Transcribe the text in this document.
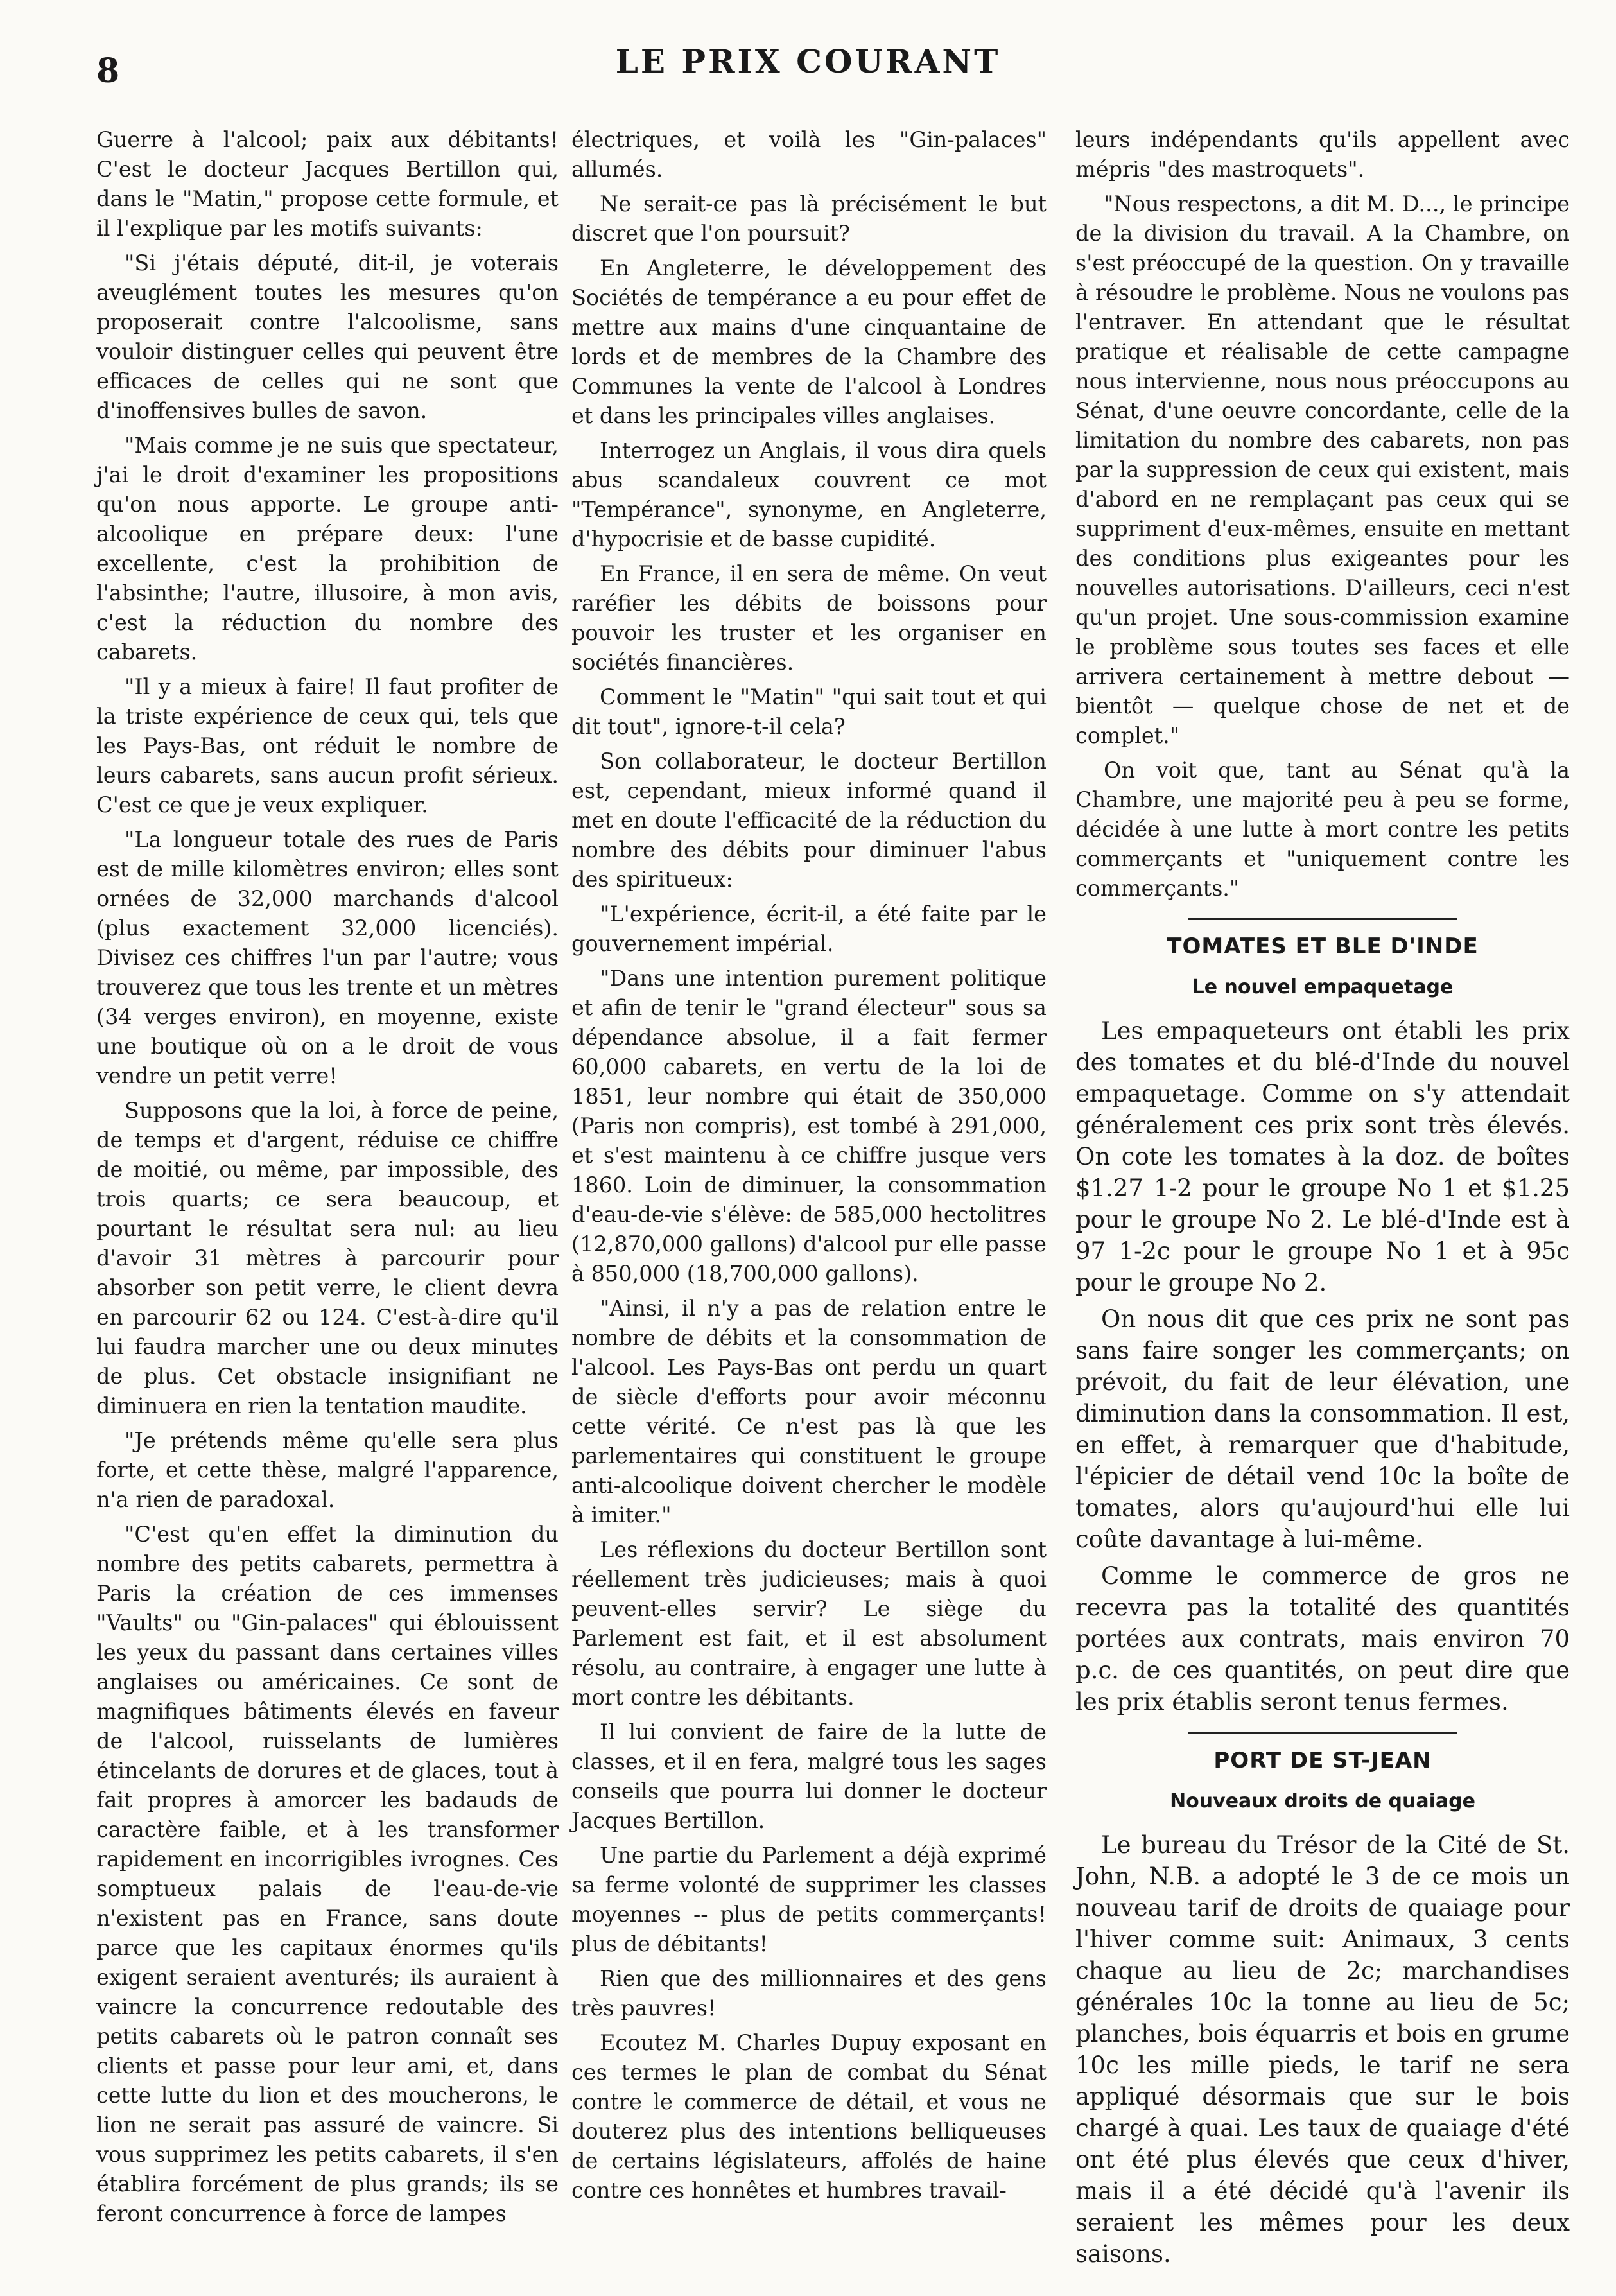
8	LE PRIX COURANT

Guerre à l'alcool; paix aux débitants! C'est le docteur Jacques Bertillon qui, dans le "Matin," propose cette formule, et il l'explique par les motifs suivants:

"Si j'étais député, dit-il, je voterais aveuglément toutes les mesures qu'on proposerait contre l'alcoolisme, sans vouloir distinguer celles qui peuvent être efficaces de celles qui ne sont que d'inoffensives bulles de savon.

"Mais comme je ne suis que spectateur, j'ai le droit d'examiner les propositions qu'on nous apporte. Le groupe anti-alcoolique en prépare deux: l'une excellente, c'est la prohibition de l'absinthe; l'autre, illusoire, à mon avis, c'est la réduction du nombre des cabarets.

"Il y a mieux à faire! Il faut profiter de la triste expérience de ceux qui, tels que les Pays-Bas, ont réduit le nombre de leurs cabarets, sans aucun profit sérieux. C'est ce que je veux expliquer.

"La longueur totale des rues de Paris est de mille kilomètres environ; elles sont ornées de 32,000 marchands d'alcool (plus exactement 32,000 licenciés). Divisez ces chiffres l'un par l'autre; vous trouverez que tous les trente et un mètres (34 verges environ), en moyenne, existe une boutique où on a le droit de vous vendre un petit verre!

Supposons que la loi, à force de peine, de temps et d'argent, réduise ce chiffre de moitié, ou même, par impossible, des trois quarts; ce sera beaucoup, et pourtant le résultat sera nul: au lieu d'avoir 31 mètres à parcourir pour absorber son petit verre, le client devra en parcourir 62 ou 124. C'est-à-dire qu'il lui faudra marcher une ou deux minutes de plus. Cet obstacle insignifiant ne diminuera en rien la tentation maudite.

"Je prétends même qu'elle sera plus forte, et cette thèse, malgré l'apparence, n'a rien de paradoxal.

"C'est qu'en effet la diminution du nombre des petits cabarets, permettra à Paris la création de ces immenses "Vaults" ou "Gin-palaces" qui éblouissent les yeux du passant dans certaines villes anglaises ou américaines. Ce sont de magnifiques bâtiments élevés en faveur de l'alcool, ruisselants de lumières étincelants de dorures et de glaces, tout à fait propres à amorcer les badauds de caractère faible, et à les transformer rapidement en incorrigibles ivrognes. Ces somptueux palais de l'eau-de-vie n'existent pas en France, sans doute parce que les capitaux énormes qu'ils exigent seraient aventurés; ils auraient à vaincre la concurrence redoutable des petits cabarets où le patron connaît ses clients et passe pour leur ami, et, dans cette lutte du lion et des moucherons, le lion ne serait pas assuré de vaincre. Si vous supprimez les petits cabarets, il s'en établira forcément de plus grands; ils se feront concurrence à force de lampes

électriques, et voilà les "Gin-palaces" allumés.

Ne serait-ce pas là précisément le but discret que l'on poursuit?

En Angleterre, le développement des Sociétés de tempérance a eu pour effet de mettre aux mains d'une cinquantaine de lords et de membres de la Chambre des Communes la vente de l'alcool à Londres et dans les principales villes anglaises.

Interrogez un Anglais, il vous dira quels abus scandaleux couvrent ce mot "Tempérance", synonyme, en Angleterre, d'hypocrisie et de basse cupidité.

En France, il en sera de même. On veut raréfier les débits de boissons pour pouvoir les truster et les organiser en sociétés financières.

Comment le "Matin" "qui sait tout et qui dit tout", ignore-t-il cela?

Son collaborateur, le docteur Bertillon est, cependant, mieux informé quand il met en doute l'efficacité de la réduction du nombre des débits pour diminuer l'abus des spiritueux:

"L'expérience, écrit-il, a été faite par le gouvernement impérial.

"Dans une intention purement politique et afin de tenir le "grand électeur" sous sa dépendance absolue, il a fait fermer 60,000 cabarets, en vertu de la loi de 1851, leur nombre qui était de 350,000 (Paris non compris), est tombé à 291,000, et s'est maintenu à ce chiffre jusque vers 1860. Loin de diminuer, la consommation d'eau-de-vie s'élève: de 585,000 hectolitres (12,870,000 gallons) d'alcool pur elle passe à 850,000 (18,700,000 gallons).

"Ainsi, il n'y a pas de relation entre le nombre de débits et la consommation de l'alcool. Les Pays-Bas ont perdu un quart de siècle d'efforts pour avoir méconnu cette vérité. Ce n'est pas là que les parlementaires qui constituent le groupe anti-alcoolique doivent chercher le modèle à imiter."

Les réflexions du docteur Bertillon sont réellement très judicieuses; mais à quoi peuvent-elles servir? Le siège du Parlement est fait, et il est absolument résolu, au contraire, à engager une lutte à mort contre les débitants.

Il lui convient de faire de la lutte de classes, et il en fera, malgré tous les sages conseils que pourra lui donner le docteur Jacques Bertillon.

Une partie du Parlement a déjà exprimé sa ferme volonté de supprimer les classes moyennes -- plus de petits commerçants! plus de débitants!

Rien que des millionnaires et des gens très pauvres!

Ecoutez M. Charles Dupuy exposant en ces termes le plan de combat du Sénat contre le commerce de détail, et vous ne douterez plus des intentions belliqueuses de certains législateurs, affolés de haine contre ces honnêtes et humbres travail-

leurs indépendants qu'ils appellent avec mépris "des mastroquets".

"Nous respectons, a dit M. D..., le principe de la division du travail. A la Chambre, on s'est préoccupé de la question. On y travaille à résoudre le problème. Nous ne voulons pas l'entraver. En attendant que le résultat pratique et réalisable de cette campagne nous intervienne, nous nous préoccupons au Sénat, d'une oeuvre concordante, celle de la limitation du nombre des cabarets, non pas par la suppression de ceux qui existent, mais d'abord en ne remplaçant pas ceux qui se suppriment d'eux-mêmes, ensuite en mettant des conditions plus exigeantes pour les nouvelles autorisations. D'ailleurs, ceci n'est qu'un projet. Une sous-commission examine le problème sous toutes ses faces et elle arrivera certainement à mettre debout — bientôt — quelque chose de net et de complet."

On voit que, tant au Sénat qu'à la Chambre, une majorité peu à peu se forme, décidée à une lutte à mort contre les petits commerçants et "uniquement contre les commerçants."

TOMATES ET BLE D'INDE
Le nouvel empaquetage

Les empaqueteurs ont établi les prix des tomates et du blé-d'Inde du nouvel empaquetage. Comme on s'y attendait généralement ces prix sont très élevés. On cote les tomates à la doz. de boîtes $1.27 1-2 pour le groupe No 1 et $1.25 pour le groupe No 2. Le blé-d'Inde est à 97 1-2c pour le groupe No 1 et à 95c pour le groupe No 2.

On nous dit que ces prix ne sont pas sans faire songer les commerçants; on prévoit, du fait de leur élévation, une diminution dans la consommation. Il est, en effet, à remarquer que d'habitude, l'épicier de détail vend 10c la boîte de tomates, alors qu'aujourd'hui elle lui coûte davantage à lui-même.

Comme le commerce de gros ne recevra pas la totalité des quantités portées aux contrats, mais environ 70 p.c. de ces quantités, on peut dire que les prix établis seront tenus fermes.

PORT DE ST-JEAN
Nouveaux droits de quaiage

Le bureau du Trésor de la Cité de St. John, N.B. a adopté le 3 de ce mois un nouveau tarif de droits de quaiage pour l'hiver comme suit: Animaux, 3 cents chaque au lieu de 2c; marchandises générales 10c la tonne au lieu de 5c; planches, bois équarris et bois en grume 10c les mille pieds, le tarif ne sera appliqué désormais que sur le bois chargé à quai. Les taux de quaiage d'été ont été plus élevés que ceux d'hiver, mais il a été décidé qu'à l'avenir ils seraient les mêmes pour les deux saisons.
